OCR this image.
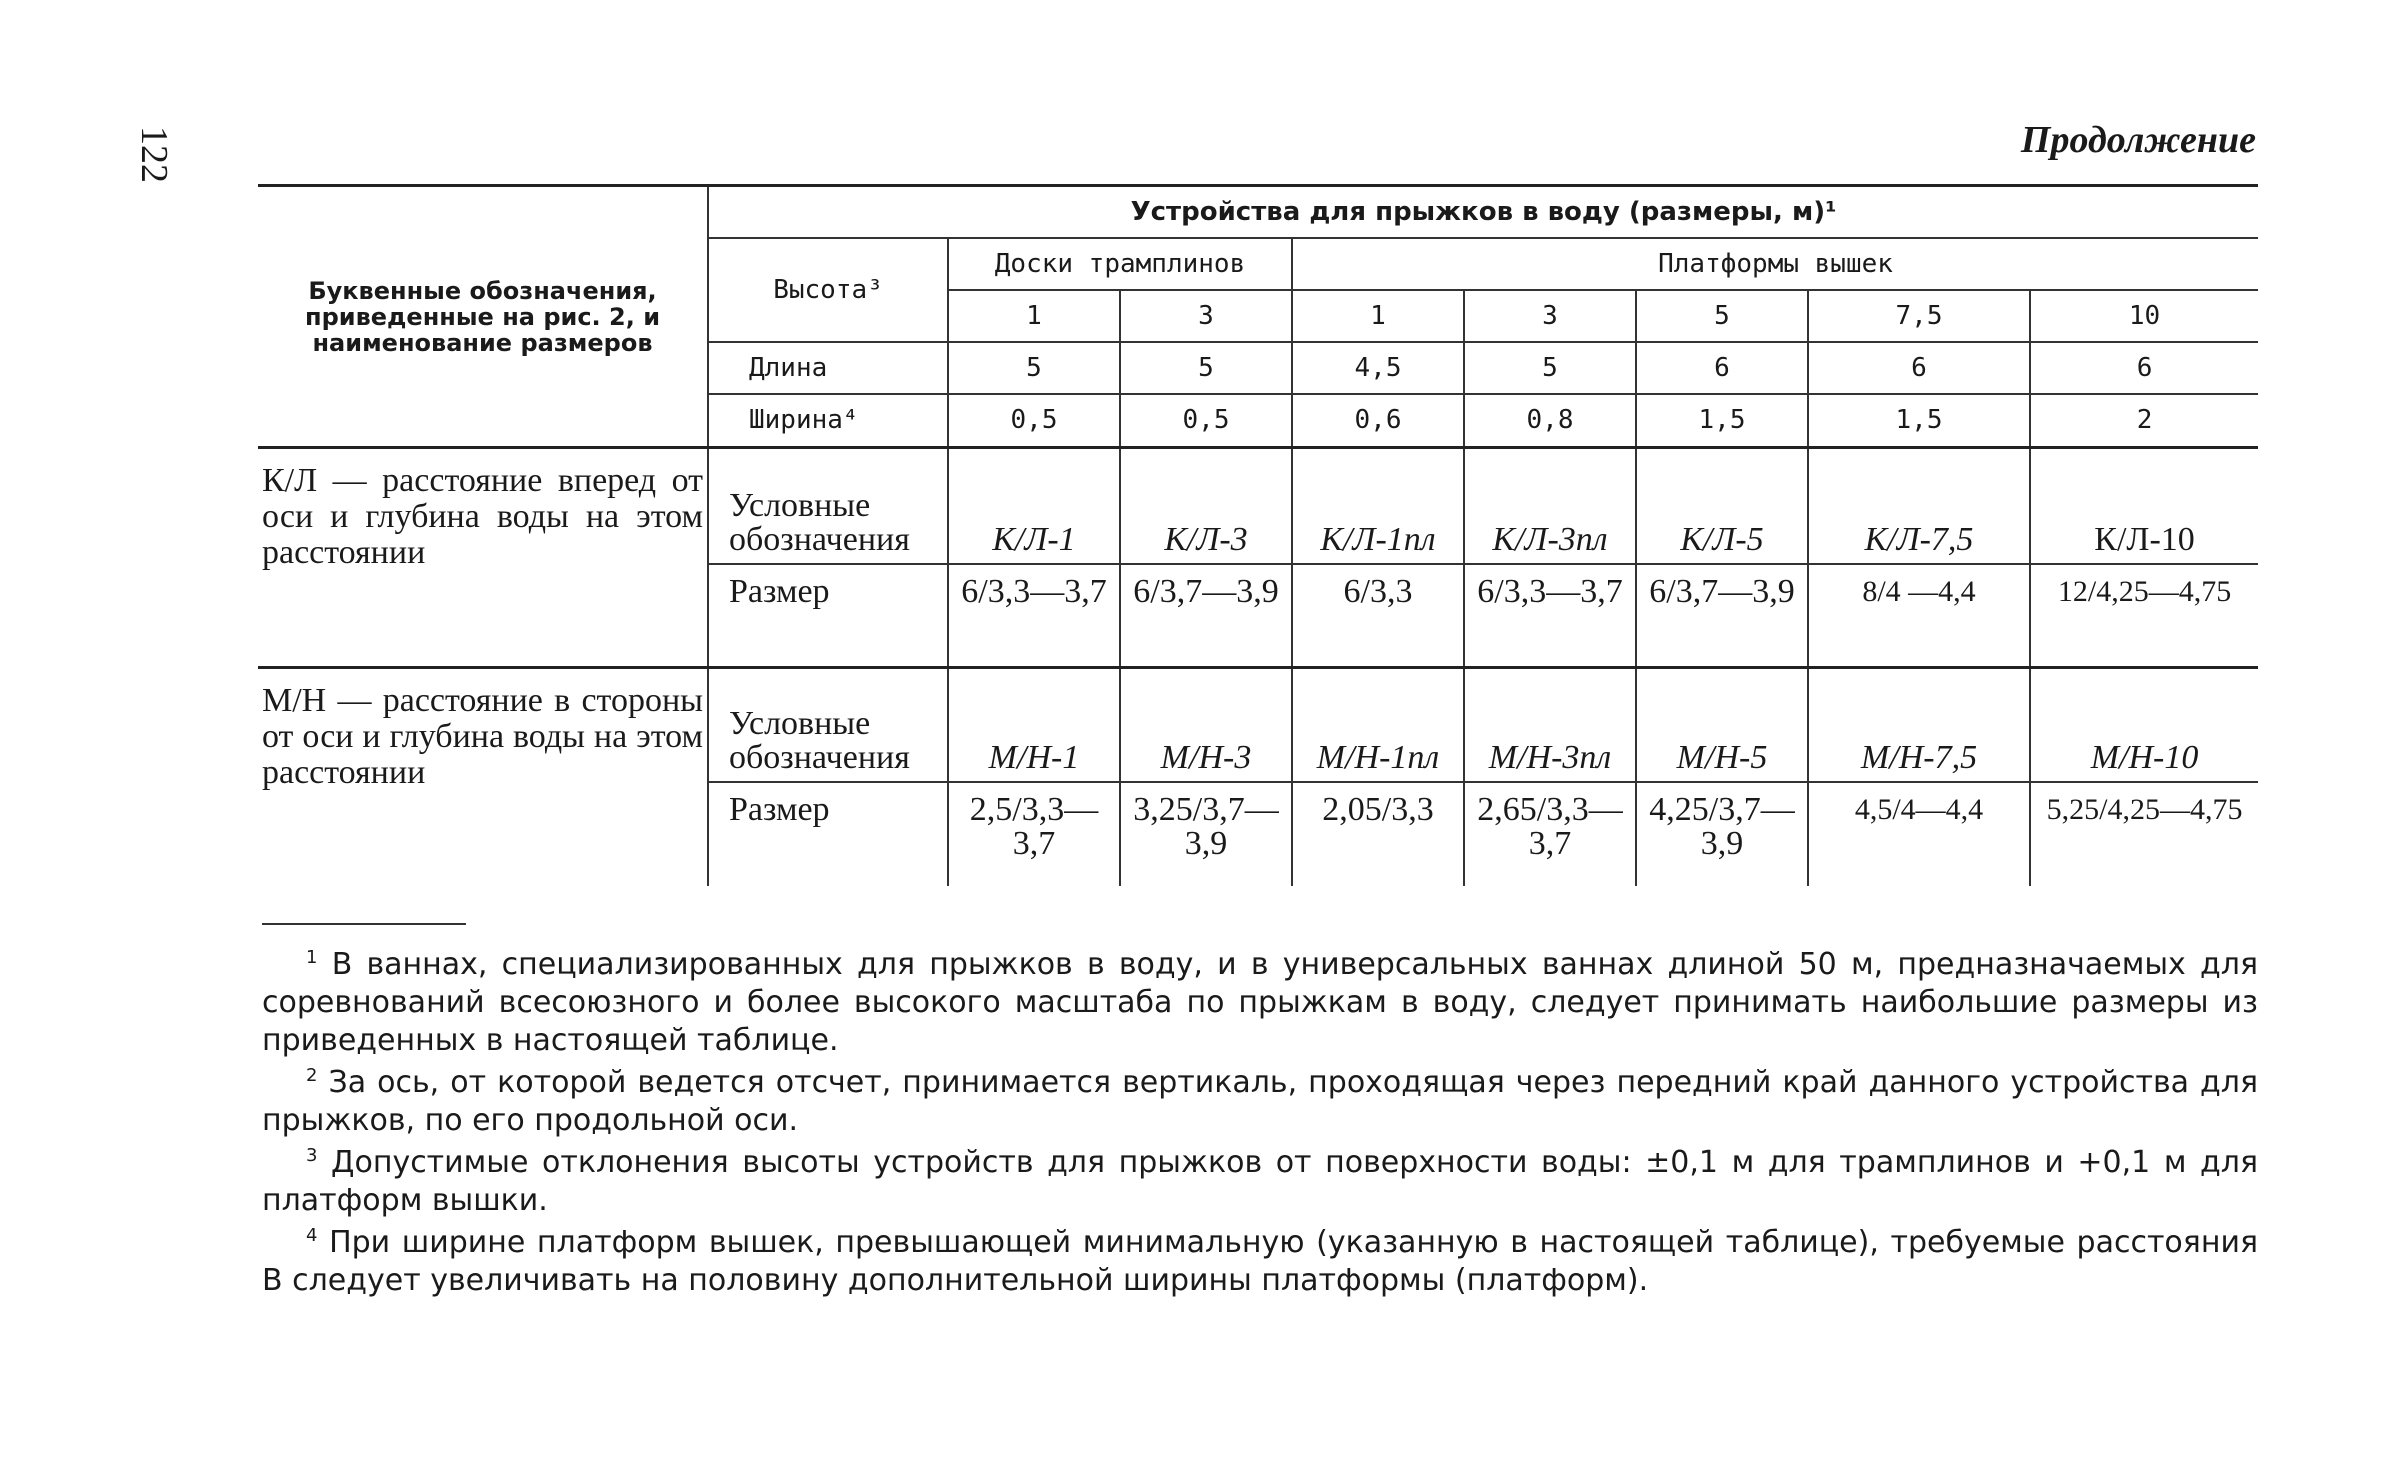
122	Продолжение
Буквенные обозначения, приведенные на рис. 2, и наименование размеров	Устройства для прыжков в воду (размеры, м)¹							
	Высота³	Доски трамплинов		Платформы вышек				
		1	3	1	3	5	7,5	10
	Длина	5	5	4,5	5	6	6	6
	Ширина⁴	0,5	0,5	0,6	0,8	1,5	1,5	2
К/Л — расстояние вперед от оси и глубина воды на этом расстоянии	Условные обозначения	К/Л-1	К/Л-3	К/Л-1пл	К/Л-3пл	К/Л-5	К/Л-7,5	К/Л-10
	Размер	6/3,3—3,7	6/3,7—3,9	6/3,3	6/3,3—3,7	6/3,7—3,9	8/4 —4,4	12/4,25—4,75
М/Н — расстояние в стороны от оси и глубина воды на этом расстоянии	Условные обозначения	М/Н-1	М/Н-3	М/Н-1пл	М/Н-3пл	М/Н-5	М/Н-7,5	М/Н-10
	Размер	2,5/3,3—3,7	3,25/3,7—3,9	2,05/3,3	2,65/3,3—3,7	4,25/3,7—3,9	4,5/4—4,4	5,25/4,25—4,75

$^1$ В ваннах, специализированных для прыжков в воду, и в универсальных ваннах длиной 50 м, предназначаемых для соревнований всесоюзного и более высокого масштаба по прыжкам в воду, следует принимать наибольшие размеры из приведенных в настоящей таблице.

$^2$ За ось, от которой ведется отсчет, принимается вертикаль, проходящая через передний край данного устройства для прыжков, по его продольной оси.

$^3$ Допустимые отклонения высоты устройств для прыжков от поверхности воды: ±0,1 м для трамплинов и +0,1 м для платформ вышки.

$^4$ При ширине платформ вышек, превышающей минимальную (указанную в настоящей таблице), требуемые расстояния В следует увеличивать на половину дополнительной ширины платформы (платформ).
